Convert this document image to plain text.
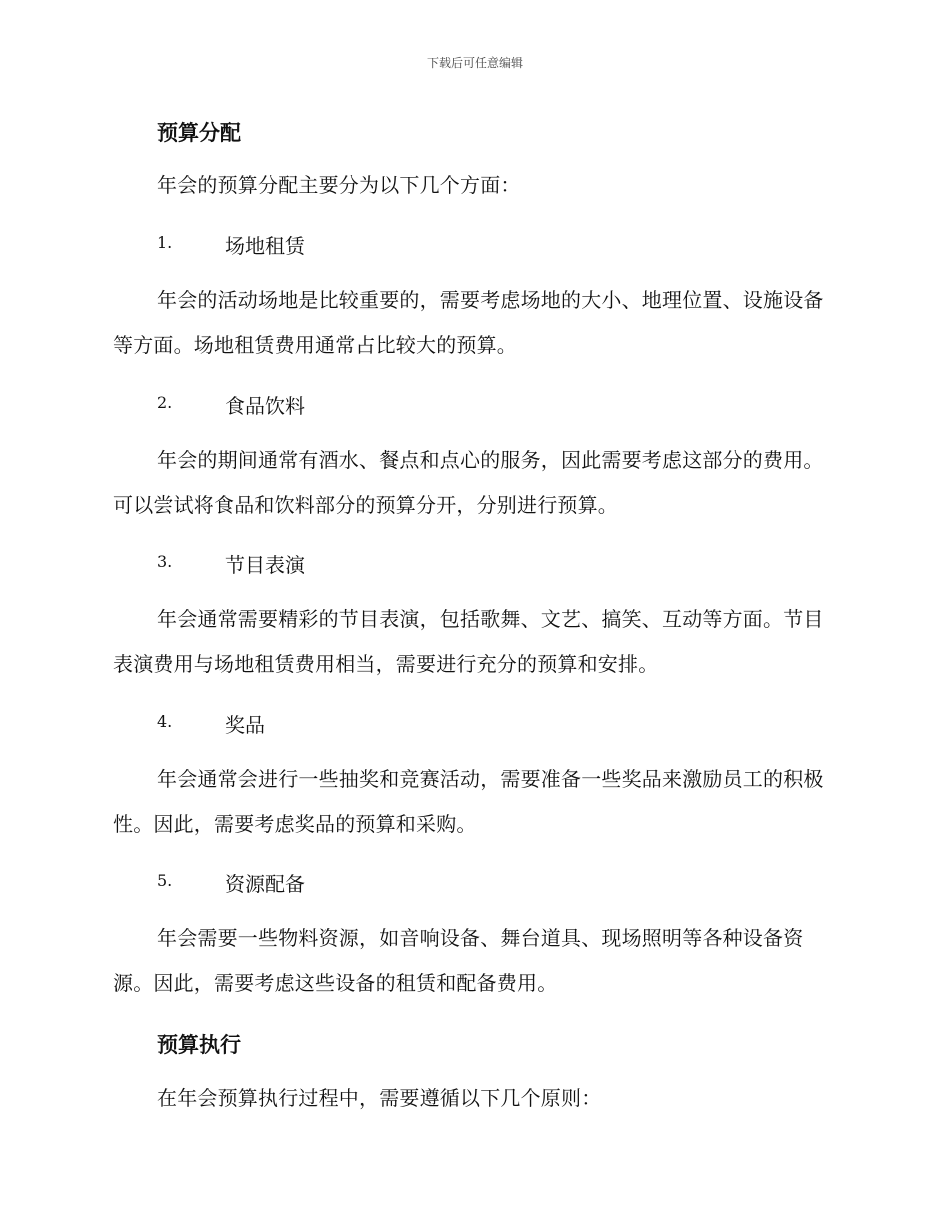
下载后可任意编辑
预算分配
年会的预算分配主要分为以下几个方面：
1.	场地租赁
年会的活动场地是比较重要的，需要考虑场地的大小、地理位置、设施设备等方面。场地租赁费用通常占比较大的预算。
2.	食品饮料
年会的期间通常有酒水、餐点和点心的服务，因此需要考虑这部分的费用。可以尝试将食品和饮料部分的预算分开，分别进行预算。
3.	节目表演
年会通常需要精彩的节目表演，包括歌舞、文艺、搞笑、互动等方面。节目表演费用与场地租赁费用相当，需要进行充分的预算和安排。
4.	奖品
年会通常会进行一些抽奖和竞赛活动，需要准备一些奖品来激励员工的积极性。因此，需要考虑奖品的预算和采购。
5.	资源配备
年会需要一些物料资源，如音响设备、舞台道具、现场照明等各种设备资源。因此，需要考虑这些设备的租赁和配备费用。
预算执行
在年会预算执行过程中，需要遵循以下几个原则：
